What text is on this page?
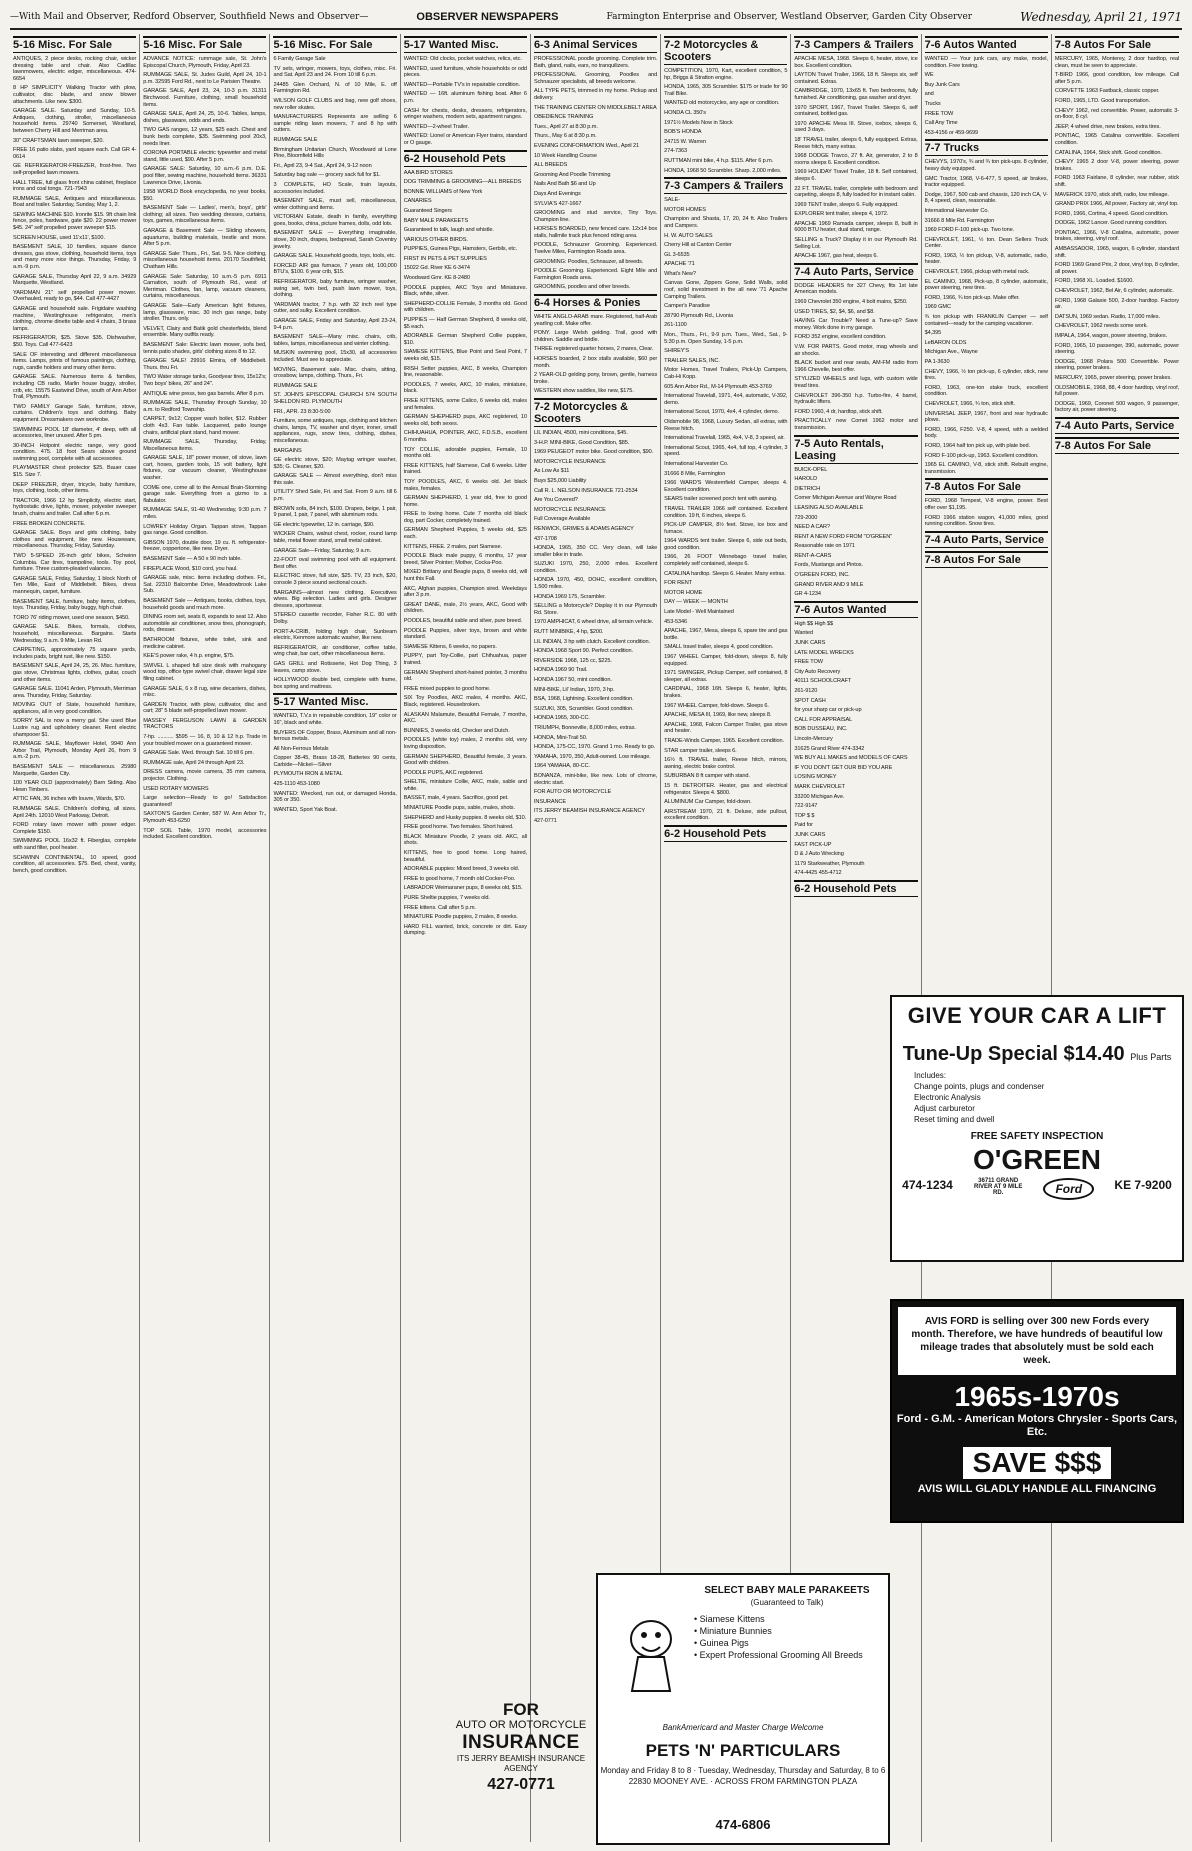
—With Mail and Observer, Redford Observer, Southfield News and Observer—	OBSERVER NEWSPAPERS	Farmington Enterprise and Observer, Westland Observer, Garden City Observer	Wednesday, April 21, 1971
5-16 Misc. For Sale
ANTIQUES, 2 piece desks, rocking chair, wicker dressing table and chair. Also Cadillac lawnmowers, electric edger, miscellaneous. 474-6654
8 HP SIMPLICITY Walking Tractor with plow, cultivator, disc blade, and snow blower attachments. Like new. $300.
GARAGE SALE. Saturday and Sunday, 10-5. Antiques, clothing, stroller, miscellaneous household items. 29740 Somerset, Westland, between Cherry Hill and Merriman area.
30" CRAFTSMAN lawn sweeper, $20.
FREE 16 patio slabs, yard square each. Call GR 4-0614
GE REFRIGERATOR-FREEZER, frost-free. Two self-propelled lawn mowers.
HALL TREE, full glass front china cabinet, fireplace irons and coal tongs. 721-7943
RUMMAGE SALE, Antiques and miscellaneous. Boat and trailer. Saturday, Sunday, May 1, 2.
SEWING MACHINE $10. Ironrite $15. 9ft chain link fence, poles, hardware, gate $20. 22 power mower $45. 24" self propelled power sweeper $15.
SCREEN HOUSE, used 11'x11', $100.
BASEMENT SALE, 10 families, square dance dresses, gas stove, clothing, household items, toys and many more nice things. Thursday, Friday, 9 a.m.-9 p.m.
GARAGE SALE, Thursday April 22, 9 a.m. 34929 Marquette, Westland.
YARDMAN 21" self propelled power mower. Overhauled, ready to go, $44. Call 477-4427
GARAGE and household sale. Frigidaire washing machine, Westinghouse refrigerator, men's clothing, chrome dinette table and 4 chairs, 3 brass lamps.
REFRIGERATOR, $25. Stove $35. Dishwasher, $50. Toys. Call 477-6423
SALE OF interesting and different miscellaneous items. Lamps, prints of famous paintings, clothing, rugs, candle holders and many other items.
GARAGE SALE. Numerous items & families, including CB radio, Marlin house buggy, stroller, crib, etc. 15575 Eastwind Drive, south of Ann Arbor Trail, Plymouth.
TWO FAMILY Garage Sale, furniture, stove, curtains. Children's toys and clothing. Baby equipment. Dressmakers own workrobe.
SWIMMING POOL 18' diameter, 4' deep, with all accessories, liner unused. After 5 pm.
30-INCH Hotpoint electric range, very good condition. 475. 18 foot Sears above ground swimming pool, complete with all accessories.
PLAYMASTER chest protector $25. Bauer case $15. Size 7.
DEEP FREEZER, dryer, tricycle, baby furniture, toys, clothing, tools, other items.
TRACTOR, 1966 12 hp Simplicity, electric start, hydrostatic drive, lights, mower, polyester sweeper brush, chains and trailer. Call after 6 p.m.
FREE BROKEN CONCRETE.
GARAGE SALE. Boys and girls clothing, baby clothes and equipment, like new. Houseware, miscellaneous. Thursday, Friday, Saturday.
TWO 5-SPEED 26-inch girls' bikes, Schwinn Columbia. Car tires, trampoline, tools. Toy pool, furniture. Three custom-pleated valances.
GARAGE SALE, Friday, Saturday, 1 block North of Ten Mile, East of Middlebelt. Bikes, dress mannequin, carpet, furniture.
BASEMENT SALE, furniture, baby items, clothes, toys. Thursday, Friday, baby buggy, high chair.
TORO 76' riding mower, used one season, $450.
GARAGE SALE. Bikes, formals, clothes, household, miscellaneous. Bargains. Starts Wednesday, 9 a.m. 9 Mile, Levan Rd.
CARPETING, approximately 75 square yards, includes pads, bright rust, like new. $150.
BASEMENT SALE, April 24, 25, 26. Misc. furniture, gas stove, Christmas lights, clothes, guitar, couch and other items.
GARAGE SALE. 11041 Arden, Plymouth, Merriman area. Thursday, Friday, Saturday.
MOVING OUT of State, household furniture, appliances, all in very good condition.
SORRY SAL is now a merry gal. She used Blue Lustre rug and upholstery cleaner. Rent electric shampooer $1.
RUMMAGE SALE, Mayflower Hotel, 9940 Ann Arbor Trail, Plymouth, Monday April 26, from 9 a.m.-2 p.m.
BASEMENT SALE — miscellaneous. 25980 Marquette, Garden City.
100 YEAR OLD (approximately) Barn Siding. Also Hewn Timbers.
ATTIC FAN, 36 inches with louvre, Wards, $70.
RUMMAGE SALE. Children's clothing, all sizes. April 24th. 12010 West Parkway, Detroit.
FORD rotary lawn mower with power edger. Complete $150.
SWIMMING POOL 16x32 ft. Fiberglas, complete with sand filter, pool heater.
SCHWINN CONTINENTAL, 10 speed, good condition, all accessories. $75. Bed, chest, vanity, bench, good condition.
5-16 Misc. For Sale
ADVANCE NOTICE: rummage sale, St. John's Episcopal Church, Plymouth, Friday, April 23.
RUMMAGE SALE, St. Judes Guild, April 24, 10-1 p.m. 32595 Ford Rd., next to Le Parisien Theatre.
GARAGE SALE, April 23, 24, 10-3 p.m. 31311 Birchwood. Furniture, clothing, small household items.
GARAGE SALE, April 24, 25, 10-6. Tables, lamps, dishes, glassware, odds and ends.
TWO GAS ranges, 12 years, $25 each. Chest and bunk beds complete, $35. Swimming pool 20x3, needs liner.
CORONA PORTABLE electric typewriter and metal stand, little used, $90. After 5 p.m.
GARAGE SALE: Saturday, 10 a.m.-6 p.m. D.E. pool filter, sewing machine, household items. 36331 Lawrence Drive, Livonia.
1958 WORLD Book encyclopedia, no year books, $50.
BASEMENT Sale — Ladies', men's, boys', girls' clothing; all sizes. Two wedding dresses, curtains, toys, games, miscellaneous items.
GARAGE & Basement Sale — Sliding showers, aquariums, building materials, trestle and more. After 5 p.m.
GARAGE Sale: Thurs., Fri., Sat. 9-5. Nice clothing, miscellaneous household items. 20170 Southfield, Chatham Hills.
GARAGE Sale: Saturday, 10 a.m.-5 p.m. 6911 Carnation, south of Plymouth Rd., west of Merriman. Clothes, fan, lamp, vacuum cleaners, curtains, miscellaneous.
GARAGE Sale—Early American light fixtures, lamp, glassware, misc. 30 inch gas range, baby stroller. Thurs. only.
VELVET, Clairy and Batik gold chesterfields, blend ensemble. Many outfits ready.
BASEMENT Sale: Electric lawn mower, sofa bed, tennis patio shades, girls' clothing sizes 8 to 12.
GARAGE SALE! 29916 Elmira, off Middlebelt. Thurs. thru Fri.
TWO Water storage tanks, Goodyear tires, 15x12's; Two boys' bikes, 26" and 24".
ANTIQUE wine press, two gas barrels. After 8 p.m.
RUMMAGE SALE, Thursday through Sunday, 10 a.m. to Redford Township.
CARPET, 9x12; Copper wash boiler, $12. Rubber cloth 4x3. Fan table. Lacquered, patio lounge chairs, artificial plant stand, hand mower.
RUMMAGE SALE, Thursday, Friday, Miscellaneous items.
GARAGE SALE, 18" power mower, oil stove, lawn cart, hoses, garden tools, 15 volt battery, light fixtures, car vacuum cleaner, Westinghouse washer.
COME one, come all to the Annual Brain-Storming garage sale. Everything from a gizmo to a flabulator.
RUMMAGE SALE, 91-40 Wednesday, 9:30 p.m. 7 miles.
LOWREY Holiday Organ. Tappan stove, Tappan gas range. Good condition.
GIBSON 1970, double door, 19 cu. ft. refrigerator-freezer, coppertone, like new. Dryer.
BASEMENT Sale — A 50 x 90 inch table.
FIREPLACE Wood, $10 cord, you haul.
GARAGE sale, misc. items including clothes. Fri., Sat. 22310 Balcombe Drive, Meadowbrook Lake Sub.
BASEMENT Sale — Antiques, books, clothes, toys, household goods and much more.
DINING room set, seats 8, expands to seat 12. Also automobile air conditioner, snow tires, phonograph, rods, dresser.
BATHROOM fixtures, white toilet, sink and medicine cabinet.
KEE'S power rake, 4 h.p. engine, $75.
SWIVEL L shaped full size desk with mahogany wood top, office type swivel chair, drawer legal size filing cabinet.
GARAGE SALE, 6 x 8 rug, wine decanters, dishes, misc.
GARDEN Tractor, with plow, cultivator, disc and cart; 28" 5 blade self-propelled lawn mower.
MASSEY FERGUSON LAWN & GARDEN TRACTORS
7-hp. ........... $595 — 16, 8, 10 & 12 h.p. Trade in your troubled mower on a guaranteed mower.
GARAGE Sale. Wed. through Sat. 10 till 6 pm.
RUMMAGE sale, April 24 through April 23.
DRESS camera, movie camera, 35 mm camera, projector. Clothing.
USED ROTARY MOWERS
Large selection—Ready to go! Satisfaction guaranteed!
SAXTON'S Garden Center, 587 W. Ann Arbor Tr., Plymouth 453-6250
TOP SOIL Table, 1970 model, accessories included. Excellent condition.
5-16 Misc. For Sale
6 Family Garage Sale
TV sets, wringer, mowers, toys, clothes, misc. Fri. and Sat. April 23 and 24. From 10 till 6 p.m.
24485 Glen Orchard, N. of 10 Mile, E. off Farmington Rd.
WILSON GOLF CLUBS and bag, new golf shoes, new roller skates.
MANUFACTURERS Represents are selling 6 sample riding lawn mowers, 7 and 8 hp with cutters.
RUMMAGE SALE
Birmingham Unitarian Church, Woodward at Lone Pine, Bloomfield Hills
Fri., April 23, 9-4 Sat., April 24, 9-12 noon
Saturday bag sale — grocery sack full for $1.
3 COMPLETE, HO Scale, train layouts, accessories included.
BASEMENT SALE, must sell, miscellaneous, winter clothing and items.
VICTORIAN Estate, death in family, everything goes, books, china, picture frames, dolls, odd lots.
BASEMENT SALE — Everything imaginable, stove, 30 inch, drapes, bedspread, Sarah Coventry jewelry.
GARAGE SALE. Household goods, toys, tools, etc.
FORCED AIR gas furnace, 7 years old, 100,000 BTU's, $100. 6 year crib, $15.
REFRIGERATOR, baby furniture, wringer washer, swing set, twin bed, push lawn mower, toys, clothing.
YARDMAN tractor, 7 h.p. with 32 inch reel type cutter, and sulky. Excellent condition.
GARAGE SALE, Friday and Saturday, April 23-24, 9-4 p.m.
BASEMENT SALE—Many misc. chairs, crib, tables, lamps, miscellaneous and winter clothing.
MUSKIN swimming pool, 15x30, all accessories included. Must see to appreciate.
MOVING, Basement sale. Misc. chairs, sitting, crossbow, lamps, clothing. Thurs., Fri.
RUMMAGE SALE
ST. JOHN'S EPISCOPAL CHURCH 574 SOUTH SHELDON RD. PLYMOUTH
FRI., APR. 23 8:30-5:00
Furniture, some antiques, rags, clothing and kitchen chairs, lamps, TV, washer and dryer, ironer, small appliances, rugs, snow tires, clothing, dishes, miscellaneous.
BARGAINS
GE electric stove, $20; Maytag wringer washer, $35; G. Cleaner, $20.
GARAGE SALE — Almost everything, don't miss this sale.
UTILITY Shed Sale, Fri. and Sat. From 9 a.m. till 6 p.m.
BROWN sofa, 84 inch, $100. Drapes, beige, 1 pair, 9 panel, 1 pair, 7 panel, with aluminum rods.
GE electric typewriter, 12 in. carriage, $90.
WICKER Chairs, walnut chest, rocker, round lamp table, metal flower stand, small metal cabinet.
GARAGE Sale—Friday, Saturday, 9 a.m.
22-FOOT oval swimming pool with all equipment. Best offer.
ELECTRIC stove, full size, $25. TV, 23 inch, $20, console 3 piece sound sectional couch.
BARGAINS—almost new clothing. Executives wives. Big selection. Ladies and girls. Designer dresses, sportswear.
STEREO cassette recorder, Fisher R.C. 80 with Dolby.
PORT-A-CRIB, folding high chair, Sunbeam electric, Kenmore automatic washer, like new.
REFRIGERATOR, air conditioner, coffee table, wing chair, bar cart, other miscellaneous items.
GAS GRILL and Rotisserie, Hot Dog Thing, 3 leaves, camp stove.
HOLLYWOOD double bed, complete with frame, box spring and mattress.
5-17 Wanted Misc.
WANTED, T.V.s in repairable condition, 19" color or 16", black and white.
BUYERS OF Copper, Brass, Aluminum and all non-ferrous metals.
All Non-Ferrous Metals
Copper 38-45, Brass 18-28, Batteries 90 cents, Carbide—Nickel—Silver
PLYMOUTH IRON & METAL
425-1110 453-1080
WANTED: Wrecked, run out, or damaged Honda, 305 or 350.
WANTED, Sport Yak Boat.
5-17 Wanted Misc.
WANTED: Old clocks, pocket watches, relics, etc.
WANTED, used furniture, whole households or odd pieces.
WANTED—Portable TV's in repairable condition.
WANTED — 16ft. aluminum fishing boat. After 6 p.m.
CASH for chests, desks, dressers, refrigerators, wringer washers, modern sets, apartment ranges.
WANTED—2-wheel Trailer.
WANTED: Lionel or American Flyer trains, standard or O gauge.
6-2 Household Pets
AAA BIRD STORES
DOG TRIMMING & GROOMING—ALL BREEDS
BONNIE WILLIAMS of New York
CANARIES
Guaranteed Singers
BABY MALE PARAKEETS
Guaranteed to talk, laugh and whistle.
VARIOUS OTHER BIRDS.
PUPPIES, Guinea Pigs, Hamsters, Gerbils, etc.
FIRST IN PETS & PET SUPPLIES
15022 Gd. River KE 6-3474
Woodward Grnr. KE 8-2480
POODLE puppies, AKC Toys and Miniatures. Black, white, silver.
SHEPHERD-COLLIE Female, 3 months old. Good with children.
PUPPIES — Half German Shepherd, 8 weeks old, $5 each.
ADORABLE German Shepherd Collie puppies, $10.
SIAMESE KITTENS, Blue Point and Seal Point, 7 weeks old, $15.
IRISH Setter puppies, AKC, 8 weeks, Champion line, reasonable.
POODLES, 7 weeks, AKC, 10 males, miniature, black.
FREE KITTENS, some Calico, 6 weeks old, males and females.
GERMAN SHEPHERD pups, AKC registered, 10 weeks old, both sexes.
CHIHUAHUA, POINTER, AKC, F.D.S.B., excellent 6 months.
TOY COLLIE, adorable puppies, Female, 10 months old.
FREE KITTENS, half Siamese, Call 6 weeks. Litter trained.
TOY POODLES, AKC, 6 weeks old. Jet black males, females.
GERMAN SHEPHERD, 1 year old, free to good home.
FREE to loving home. Cute 7 months old black dog, part Cocker, completely trained.
GERMAN Shepherd Puppies, 5 weeks old, $25 each.
KITTENS, FREE. 2 males, part Siamese.
POODLE Black male puppy, 6 months, 17 year breed, Silver Pointer; Mother, Cocka-Poo.
MIXED Brittany and Beagle pups, 8 weeks old, will hunt this Fall.
AKC, Afghan puppies, Champion sired. Weekdays after 3 p.m.
GREAT DANE, male, 2½ years, AKC, Good with children.
POODLES, beautiful sable and silver, pure breed.
POODLE Puppies, silver toys, brown and white standard.
SIAMESE Kittens, 6 weeks, no papers.
PUPPY, part Toy-Collie, part Chihuahua, paper trained.
GERMAN Shepherd short-haired pointer, 3 months old.
FREE mixed puppies to good home.
SIX Toy Poodles, AKC males, 4 months. AKC, Black, registered. Housebroken.
ALASKAN Malamute, Beautiful Female, 7 months, AKC.
BUNNIES, 3 weeks old, Checker and Dutch.
POODLES (white toy) males, 2 months old, very loving disposition.
GERMAN SHEPHERD, Beautiful female, 3 years. Good with children.
POODLE PUPS, AKC registered.
SHELTIE, miniature Collie, AKC, male, sable and white.
BASSET, male, 4 years. Sacrifice, good pet.
MINIATURE Poodle pups, sable, males, shots.
SHEPHERD and Husky puppies. 8 weeks old, $10.
FREE good home. Two females. Short haired.
BLACK Miniature Poodle, 2 years old. AKC, all shots.
KITTENS, free to good home. Long haired, beautiful.
ADORABLE puppies: Mixed breed, 3 weeks old.
FREE to good home, 7 month old Cocker-Poo.
LABRADOR Weimaraner pups, 8 weeks old, $15.
PURE Sheltie puppies, 7 weeks old.
FREE kittens. Call after 5 p.m.
MINIATURE Poodle puppies, 2 males, 8 weeks.
HARD FILL wanted, brick, concrete or dirt. Easy dumping.
6-3 Animal Services
PROFESSIONAL poodle grooming. Complete trim. Bath, gland, nails, ears, no tranquilizers.
PROFESSIONAL Grooming, Poodles and Schnauzer specialists, all breeds welcome.
ALL TYPE PETS, trimmed in my home. Pickup and delivery.
THE TRAINING CENTER ON MIDDLEBELT AREA
OBEDIENCE TRAINING
Tues., April 27 at 8:30 p.m.
Thurs., May 6 at 8:30 p.m.
EVENING CONFORMATION Wed., April 21
10 Week Handling Course
ALL BREEDS
Grooming And Poodle Trimming
Nails And Bath $6 and Up
Days And Evenings
SYLVIA'S 427-1667
GROOMING and stud service, Tiny Toys. Champion line.
HORSES BOARDED, new fenced care. 12x14 box stalls, hallmile track plus fenced riding area.
POODLE, Schnauzer Grooming. Experienced. Twelve Miles, Farmington Roads area.
GROOMING: Poodles, Schnauzer, all breeds.
POODLE Grooming. Experienced. Eight Mile and Farmington Roads area.
GROOMING, poodles and other breeds.
6-4 Horses & Ponies
WHITE ANGLO-ARAB mare. Registered, half-Arab yearling colt. Make offer.
PONY. Large Welsh gelding. Trail, good with children. Saddle and bridle.
THREE registered quarter horses, 2 mares, Clear.
HORSES boarded, 2 box stalls available, $60 per month.
2 YEAR-OLD gelding pony, brown, gentle, harness broke.
WESTERN show saddles, like new, $175.
7-2 Motorcycles & Scooters
LIL INDIAN, 4500, mini conditions, $45.
3-H.P. MINI-BIKE, Good Condition, $85.
1969 PEUGEOT motor bike. Good condition, $90.
MOTORCYCLE INSURANCE
As Low As $11
Buys $25,000 Liability
Call R. L. NELSON INSURANCE 721-2534
Are You Covered?
MOTORCYCLE INSURANCE
Full Coverage Available
RENWICK, GRIMES & ADAMS AGENCY
437-1708
HONDA, 1965, 350 CC. Very clean, will take smaller bike in trade.
SUZUKI 1970, 250, 2,000 miles. Excellent condition.
HONDA 1970, 450, DOHC, excellent condition, 1,500 miles.
HONDA 1969 175, Scrambler.
SELLING a Motorcycle? Display it in our Plymouth Rd. Store.
1970 AMPHICAT, 6 wheel drive, all terrain vehicle.
RUTT MINIBIKE, 4 hp, $200.
LIL INDIAN, 3 hp with clutch. Excellent condition.
HONDA 1968 Sport 90. Perfect condition.
RIVERSIDE 1968, 125 cc, $225.
HONDA 1969 90 Trail.
HONDA 1967 50, mint condition.
MINI-BIKE, Lil' Indian, 1970, 3 hp.
BSA, 1968, Lightning. Excellent condition.
SUZUKI, 305, Scrambler. Good condition.
HONDA 1965, 300-CC.
TRIUMPH, Bonneville, 8,000 miles, extras.
HONDA, Mini-Trail 50.
HONDA, 175-CC, 1970. Grand 1 mo. Ready to go.
YAMAHA, 1970, 350, Adult-owned. Low mileage.
1964 YAMAHA, 80-CC.
BONANZA, mini-bike, like new. Lots of chrome, electric start.
FOR AUTO OR MOTORCYCLE
INSURANCE
ITS JERRY BEAMISH INSURANCE AGENCY
427-0771
7-2 Motorcycles & Scooters
COMPETITION, 1970, Kart, excellent condition, 5 hp, Briggs & Stratton engine.
HONDA, 1965, 305 Scrambler. $175 or trade for 90 Trail Bike.
WANTED old motorcycles, any age or condition.
HONDA CL 350's
1971½ Models Now in Stock
BOB'S HONDA
24715 W. Warren
274-7363
RUTTMAN mini bike, 4 h.p. $115. After 6 p.m.
HONDA, 1968 50 Scrambler. Sharp. 2,000 miles.
7-3 Campers & Trailers
SALE-
MOTOR HOMES
Champion and Shasta, 17, 20, 24 ft. Also Trailers and Campers.
H. W. AUTO SALES
Cherry Hill at Canton Center
GL 3-6535
APACHE '71
What's New?
Canvas Gone, Zippers Gone, Solid Walls, solid roof, solid investment in the all new '71 Apache Camping Trailers.
Camper's Paradise
28790 Plymouth Rd., Livonia
261-1100
Mon., Thurs., Fri., 9-9 p.m. Tues., Wed., Sat., 9-5:30 p.m. Open Sunday, 1-5 p.m.
SHIREY'S
TRAILER SALES, INC.
Motor Homes, Travel Trailers, Pick-Up Campers, Cab-Hi Kopp.
605 Ann Arbor Rd., M-14 Plymouth 453-3769
International Travelall, 1971, 4x4, automatic, V-392, demo.
International Scout, 1970, 4x4, 4 cylinder, demo.
Oldsmobile 98, 1968, Luxury Sedan, all extras, with Reese hitch.
International Travelall, 1965, 4x4, V-8, 3 speed, air.
International Scout, 1965, 4x4, full top, 4 cylinder, 3 speed.
International Harvester Co.
31666 8 Mile, Farmington
1966 WARD'S Westernfield Camper, sleeps 4. Excellent condition.
SEARS trailer screened porch tent with awning.
TRAVEL TRAILER 1966 self contained. Excellent condition. 19 ft, 6 inches, sleeps 6.
PICK-UP CAMPER, 8½ feet. Stove, ice box and furnace.
1964 WARDS tent trailer. Sleeps 6, side out beds, good condition.
1966, 26 FOOT Winnebago travel trailer, completely self contained, sleeps 6.
CATALINA hardtop. Sleeps 6. Heater. Many extras.
FOR RENT
MOTOR HOME
DAY — WEEK — MONTH
Late Model - Well Maintained
453-5346
APACHE, 1967, Mesa, sleeps 6, spare tire and gas bottle.
SMALL travel trailer, sleeps 4, good condition.
1967 WHEEL Camper, fold-down, sleeps 8, fully equipped.
1971 SWINGER, Pickup Camper, self contained, 8 sleeper, all extras.
CARDINAL, 1968 16ft. Sleeps 6, heater, lights, brakes.
1967 WHEEL Camper, fold-down. Sleeps 6.
APACHE, MESA III, 1969, like new, sleeps 8.
APACHE, 1968, Falcon Camper Trailer, gas stove and heater.
TRADE-Winds Camper, 1965. Excellent condition.
STAR camper trailer, sleeps 6.
16½ ft. TRAVEL trailer, Reese hitch, mirrors, awning, electric brake control.
SUBURBAN 8 ft camper with stand.
15 ft. DETROITER. Heater, gas and electrical refrigerator. Sleeps 4. $800.
ALUMINUM Car Camper, fold-down.
AIRSTREAM 1970, 21 ft. Deluxe, side pullout, excellent condition.
6-2 Household Pets
7-3 Campers & Trailers
APACHE MESA, 1968. Sleeps 6, heater, stove, ice box. Excellent condition.
LAYTON Travel Trailer, 1966, 18 ft. Sleeps six, self contained. Extras.
CAMBRIDGE, 1970, 13x65 ft. Two bedrooms, fully furnished. Air conditioning, gas washer and dryer.
1970 SPORT, 1967, Travel Trailer. Sleeps 6, self contained, bottled gas.
1970 APACHE Mesa III. Stove, icebox, sleeps 6, used 3 days.
18' TRAVEL trailer, sleeps 6, fully equipped. Extras, Reese hitch, many extras.
1968 DODGE Travco, 27 ft. Air, generator, 2 to 8 rooms sleeps 6. Excellent condition.
1969 HOLIDAY Travel Trailer, 18 ft. Self contained, sleeps 6.
22 FT. TRAVEL trailer, complete with bedroom and carpeting, sleeps 8, fully loaded for in instant cabin.
1969 TENT trailer, sleeps 6. Fully equipped.
EXPLORER tent trailer, sleeps 4, 1972.
APACHE 1969 Ramada camper, sleeps 8, built in 6000 BTU heater, dual stand, range.
SELLING a Truck? Display it in our Plymouth Rd. Selling Lot.
APACHE 1967, gas heat, sleeps 6.
7-4 Auto Parts, Service
DODGE HEADERS for 327 Chevy, fits 1st late American models.
1969 Chevrolet 350 engine, 4 bolt mains, $250.
USED TIRES, $2, $4, $6, and $8.
HAVING Car Trouble? Need a Tune-up? Save money. Work done in my garage.
FORD 352 engine, excellent condition.
V.W. FOR PARTS. Good motor, mag wheels and air shocks.
BLACK bucket and rear seats, AM-FM radio from 1966 Chevelle, best offer.
STYLIZED WHEELS and lugs, with custom wide tread tires.
CHEVROLET 396-350 h.p. Turbo-fire, 4 barrel, hydraulic lifters.
FORD 1960, 4 dr, hardtop, stick shift.
PRACTICALLY new Comet 1962 motor and transmission.
7-5 Auto Rentals, Leasing
BUICK-OPEL
HAROLD
DIETRICH
Corner Michigan Avenue and Wayne Road
LEASING ALSO AVAILABLE
729-2000
NEED A CAR?
RENT A NEW FORD FROM "O'GREEN"
Reasonable rate on 1971
RENT-A-CARS
Fords, Mustangs and Pintos.
O'GREEN FORD, INC.
GRAND RIVER AND 9 MILE
GR 4-1234
7-6 Autos Wanted
High $$ High $$
Wanted
JUNK CARS
LATE MODEL WRECKS
FREE TOW
City Auto Recovery
40111 SCHOOLCRAFT
261-9120
SPOT CASH
for your sharp car or pick-up
CALL FOR APPRAISAL
BOB DUSSEAU, INC.
Lincoln-Mercury
31625 Grand River 474-3342
WE BUY ALL MAKES and MODELS OF CARS
IF YOU DON'T GET OUR BID YOU ARE
LOSING MONEY
MARK CHEVROLET
33200 Michigan Ave.
722-9147
TOP $ $
Paid for
JUNK CARS
FAST PICK-UP
D & J Auto Wrecking
1179 Starkweather, Plymouth
474-4425 455-4712
6-2 Household Pets
7-6 Autos Wanted
WANTED — Your junk cars, any make, model, condition. Free towing.
WE
Buy Junk Cars
and
Trucks
FREE TOW
Call Any Time
453-4156 or 459-9699
7-7 Trucks
CHEVYS, 1970's, ¾ and ¾ ton pick-ups. 8 cylinder, heavy duty equipped.
GMC Tractor, 1968, V-6-477, 5 speed, air brakes, tractor equipped.
Dodge, 1967, 500 cab and chassis, 120 inch CA, V-8, 4 speed, clean, reasonable.
International Harvester Co.
31666 8 Mile Rd. Farmington
1969 FORD F-100 pick-up. Two tone.
CHEVROLET, 1961, ½ ton. Dean Sellers Truck Center.
FORD, 1963, ½ ton pickup, V-8, automatic, radio, heater.
CHEVROLET, 1966, pickup with metal rack.
EL CAMINO, 1968, Pick-up, 8 cylinder, automatic, power steering, new tires.
FORD, 1966, ¾ ton pick-up. Make offer.
1969 GMC
¾ ton pickup with FRANKLIN Camper — self contained—ready for the camping vacationer.
$4,395
LeBARON OLDS
Michigan Ave., Wayne
PA 1-3630
CHEVY, 1966, ½ ton pick-up, 6 cylinder, stick, new tires.
FORD, 1963, one-ton stake truck, excellent condition.
CHEVROLET, 1966, ¾ ton, stick shift.
UNIVERSAL JEEP, 1967, front and rear hydraulic plows.
FORD, 1966, F250. V-8, 4 speed, with a welded body.
FORD, 1964 half ton pick up, with plate bed.
FORD F-100 pick-up, 1963. Excellent condition.
1965 EL CAMINO, V-8, stick shift. Rebuilt engine, transmission.
7-8 Autos For Sale
FORD, 1968 Tempest, V-8 engine, power. Best offer over $1,195.
FORD 1966 station wagon, 41,000 miles, good running condition. Snow tires.
7-4 Auto Parts, Service
7-8 Autos For Sale
7-8 Autos For Sale
MERCURY, 1965, Monterey, 2 door hardtop, real clean, must be seen to appreciate.
T-BIRD 1966, good condition, low mileage. Call after 5 p.m.
CORVETTE 1963 Fastback, classic copper.
FORD, 1965, LTD. Good transportation.
CHEVY 1962, red convertible. Power, automatic 3-on-floor, 8 cyl.
JEEP, 4 wheel drive, new brakes, extra tires.
PONTIAC, 1965 Catalina convertible. Excellent condition.
CATALINA, 1964, Stick shift. Good condition.
CHEVY 1965 2 door V-8, power steering, power brakes.
FORD 1963 Fairlane, 8 cylinder, rear rubber, stick shift.
MAVERICK 1970, stick shift, radio, low mileage.
GRAND PRIX 1966, All power, Factory air, vinyl top.
FORD, 1966, Cortina, 4 speed. Good condition.
DODGE, 1962 Lancer. Good running condition.
PONTIAC, 1966, V-8 Catalina, automatic, power brakes, steering, vinyl roof.
AMBASSADOR, 1965, wagon, 6 cylinder, standard shift.
FORD 1969 Grand Prix, 2 door, vinyl top, 8 cylinder, all power.
FORD, 1968 XL. Loaded. $1600.
CHEVROLET, 1962, Bel Air, 6 cylinder, automatic.
FORD, 1968 Galaxie 500, 2-door hardtop. Factory air.
DATSUN, 1969 sedan. Radio, 17,000 miles.
CHEVROLET, 1962 needs some work.
IMPALA, 1964, wagon, power steering, brakes.
FORD, 1965, 10 passenger, 390, automatic, power steering.
DODGE, 1968 Polara 500 Convertible. Power steering, power brakes.
MERCURY, 1965, power steering, power brakes.
OLDSMOBILE, 1968, 88, 4 door hardtop, vinyl roof, full power.
DODGE, 1969, Coronet 500 wagon, 9 passenger, factory air, power steering.
7-4 Auto Parts, Service
7-8 Autos For Sale
GIVE YOUR CAR A LIFT
Tune-Up Special $14.40 Plus Parts
Includes:
Change points, plugs and condenser
Electronic Analysis
Adjust carburetor
Reset timing and dwell
FREE SAFETY INSPECTION
O'GREEN
474-1234	36711 GRAND RIVER AT 9 MILE RD.	Ford	KE 7-9200
AVIS FORD is selling over 300 new Fords every month. Therefore, we have hundreds of beautiful low mileage trades that absolutely must be sold each week.
1965s-1970s
Ford - G.M. - American Motors Chrysler - Sports Cars, Etc.
SAVE $$$
AVIS WILL GLADLY HANDLE ALL FINANCING
SELECT BABY MALE PARAKEETS
(Guaranteed to Talk)
• Siamese Kittens
• Miniature Bunnies
• Guinea Pigs
• Expert Professional Grooming All Breeds
BankAmericard and Master Charge Welcome
PETS 'N' PARTICULARS
Monday and Friday 8 to 8 · Tuesday, Wednesday, Thursday and Saturday, 8 to 6
22830 MOONEY AVE. · ACROSS FROM FARMINGTON PLAZA
474-6806
FOR
AUTO OR MOTORCYCLE
INSURANCE
ITS JERRY BEAMISH INSURANCE AGENCY
427-0771
